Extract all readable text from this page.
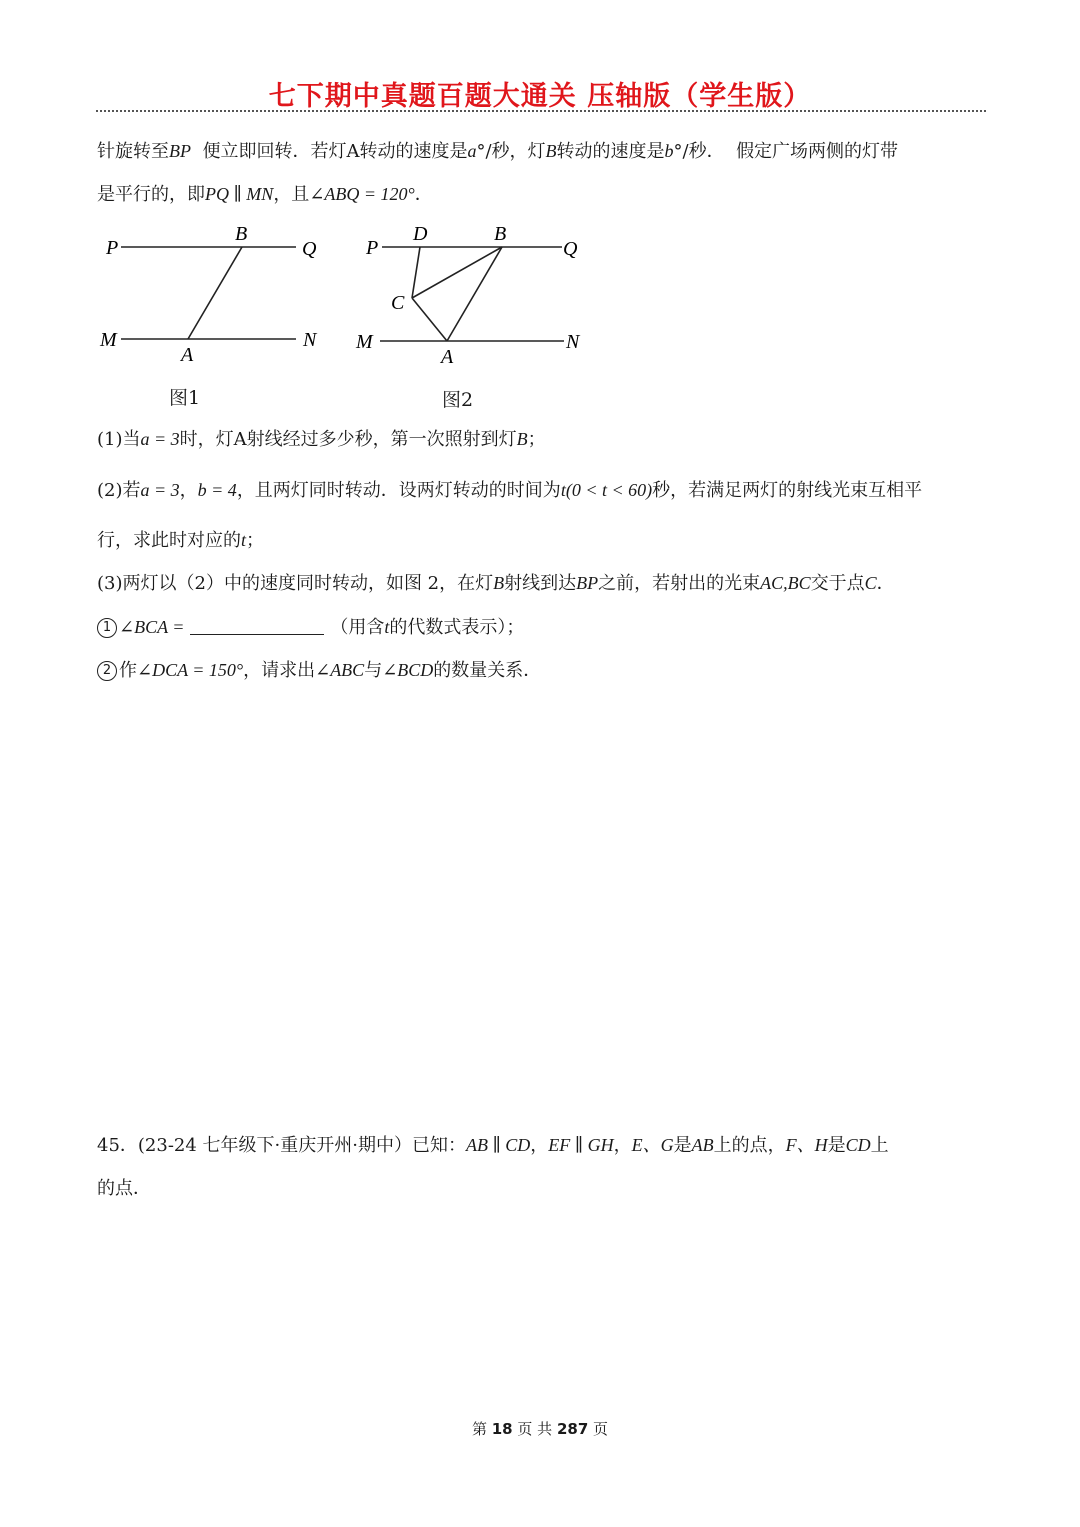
七下期中真题百题大通关 压轴版（学生版）
针旋转至BP 便立即回转．若灯A转动的速度是a°/秒，灯B转动的速度是b°/秒． 假定广场两侧的灯带
是平行的，即PQ ∥ MN，且∠ABQ = 120°．
P
B
Q
M
A
N
图1
P
D	B
Q
C
M
A
N
图2
(1)当a = 3时，灯A射线经过多少秒，第一次照射到灯B；
(2)若a = 3，b = 4，且两灯同时转动．设两灯转动的时间为t(0 < t < 60)秒，若满足两灯的射线光束互相平
行，求此时对应的t；
(3)两灯以（2）中的速度同时转动，如图 2，在灯B射线到达BP之前，若射出的光束AC,BC交于点C．
1 ∠BCA =	（用含t的代数式表示）；
2 作∠DCA = 150°，请求出∠ABC与∠BCD的数量关系．
45．(23-24 七年级下·重庆开州·期中）已知：AB ∥ CD，EF ∥ GH，E、G是AB上的点，F、H是CD上
的点．
第 18 页 共 287 页
